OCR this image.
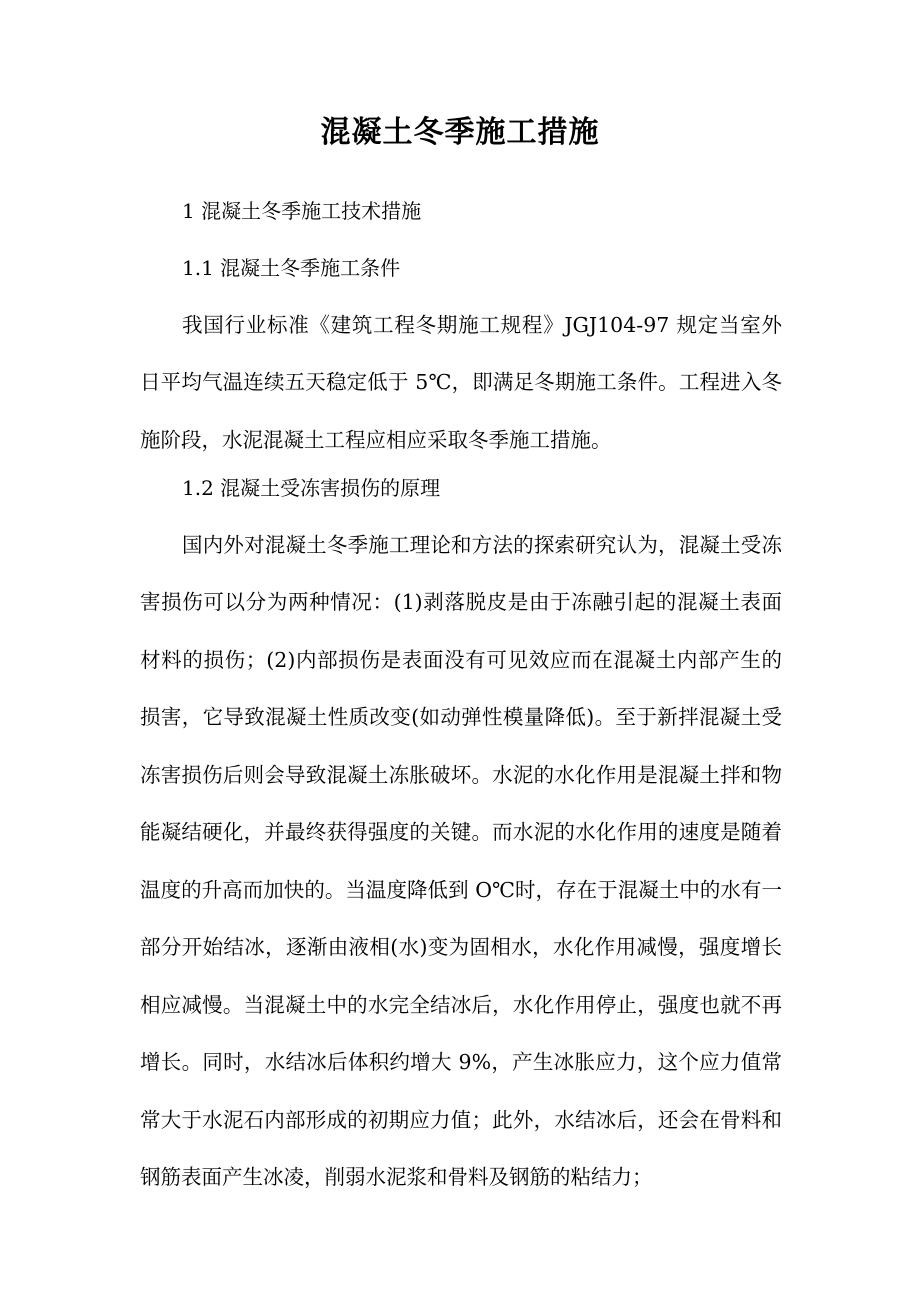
混凝土冬季施工措施

1 混凝土冬季施工技术措施

1.1 混凝土冬季施工条件

我国行业标准《建筑工程冬期施工规程》JGJ104-97 规定当室外日平均气温连续五天稳定低于 5℃，即满足冬期施工条件。工程进入冬施阶段，水泥混凝土工程应相应采取冬季施工措施。

1.2 混凝土受冻害损伤的原理

国内外对混凝土冬季施工理论和方法的探索研究认为，混凝土受冻害损伤可以分为两种情况：(1)剥落脱皮是由于冻融引起的混凝土表面材料的损伤；(2)内部损伤是表面没有可见效应而在混凝土内部产生的损害，它导致混凝土性质改变(如动弹性模量降低)。至于新拌混凝土受冻害损伤后则会导致混凝土冻胀破坏。水泥的水化作用是混凝土拌和物能凝结硬化，并最终获得强度的关键。而水泥的水化作用的速度是随着温度的升高而加快的。当温度降低到 O℃时，存在于混凝土中的水有一部分开始结冰，逐渐由液相(水)变为固相水，水化作用减慢，强度增长相应减慢。当混凝土中的水完全结冰后，水化作用停止，强度也就不再增长。同时，水结冰后体积约增大 9%，产生冰胀应力，这个应力值常常大于水泥石内部形成的初期应力值；此外，水结冰后，还会在骨料和钢筋表面产生冰凌，削弱水泥浆和骨料及钢筋的粘结力；
